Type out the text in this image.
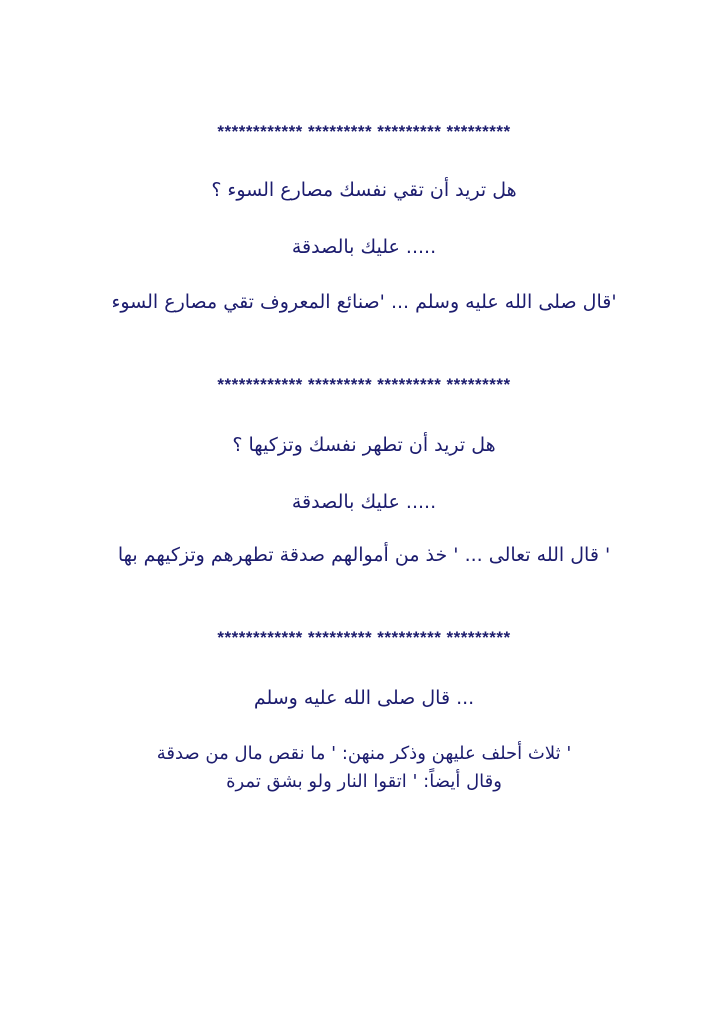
************ ********* ********* *********
هل تريد أن تقي نفسك مصارع السوء ؟
..... عليك بالصدقة
'قال صلى الله عليه وسلم ... 'صنائع المعروف تقي مصارع السوء
************ ********* ********* *********
هل تريد أن تطهر نفسك وتزكيها ؟
..... عليك بالصدقة
' قال الله تعالى ... ' خذ من أموالهم صدقة تطهرهم وتزكيهم بها
************ ********* ********* *********
... قال صلى الله عليه وسلم
' ثلاث أحلف عليهن وذكر منهن: ' ما نقص مال من صدقة
وقال أيضاً: ' اتقوا النار ولو بشق تمرة
